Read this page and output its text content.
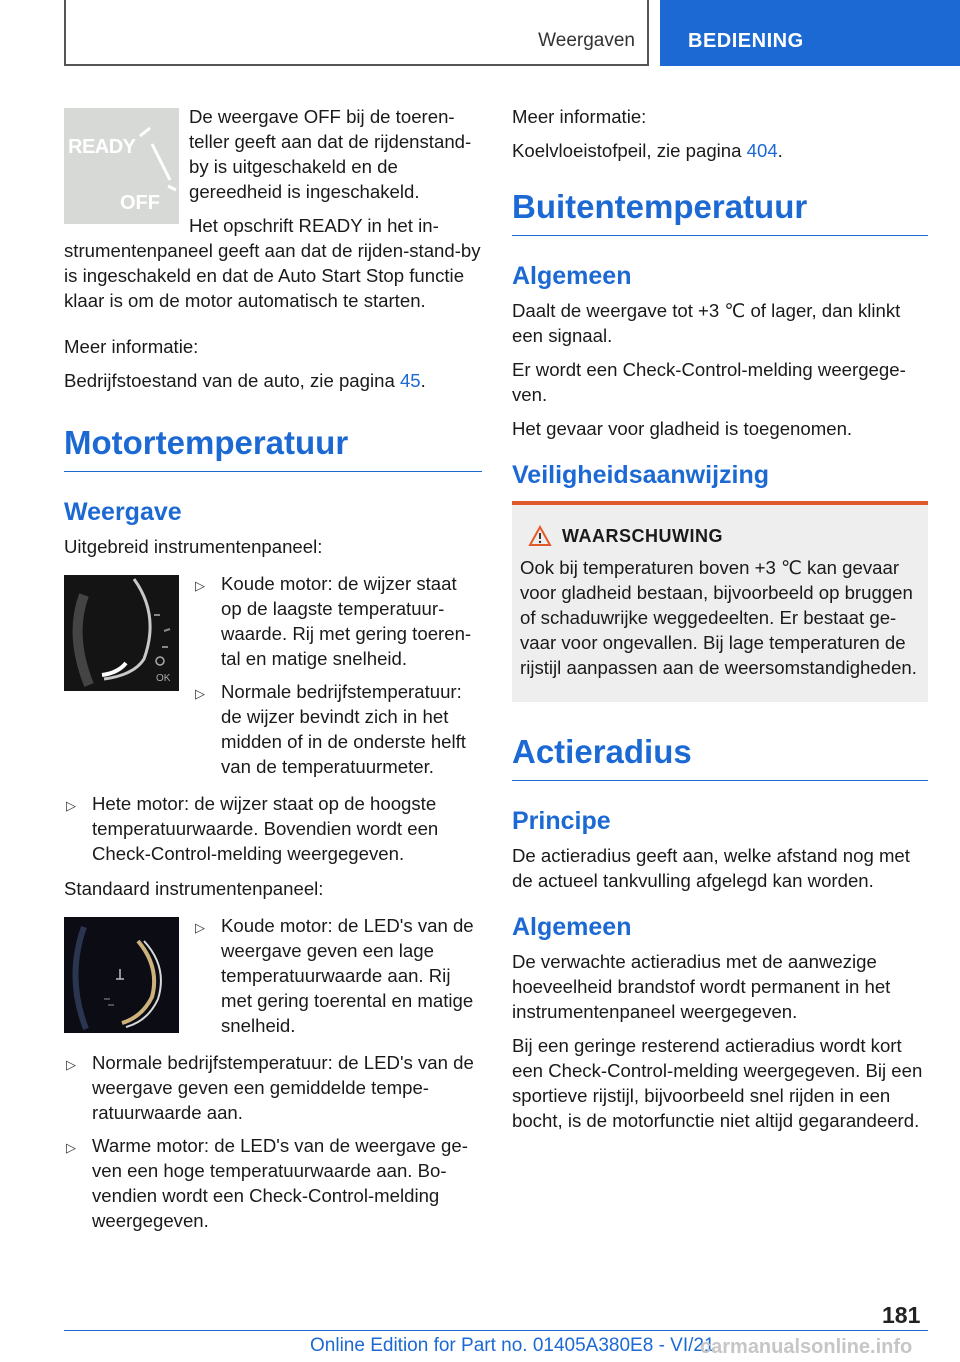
Weergaven	BEDIENING
READY
OFF

De weergave OFF bij de toerenteller geeft aan dat de rijdenstand-by is uitgeschakeld en de gereedheid is ingeschakeld.

Het opschrift READY in het instrumentenpaneel geeft aan dat de rijden-stand-by is ingeschakeld en dat de Auto Start Stop functie klaar is om de motor automatisch te starten.

Meer informatie:

Bedrijfstoestand van de auto, zie pagina 45.

Motortemperatuur
Weergave

Uitgebreid instrumentenpaneel:

OK
▷ Koude motor: de wijzer staat op de laagste temperatuurwaarde. Rij met gering toerental en matige snelheid.
▷ Normale bedrijfstemperatuur: de wijzer bevindt zich in het midden of in de onderste helft van de temperatuurmeter.
▷ Hete motor: de wijzer staat op de hoogste temperatuurwaarde. Bovendien wordt een Check-Control-melding weergegeven.

Standaard instrumentenpaneel:

▷ Koude motor: de LED's van de weergave geven een lage temperatuurwaarde aan. Rij met gering toerental en matige snelheid.
▷ Normale bedrijfstemperatuur: de LED's van de weergave geven een gemiddelde temperatuurwaarde aan.
▷ Warme motor: de LED's van de weergave geven een hoge temperatuurwaarde aan. Bovendien wordt een Check-Control-melding weergegeven.

Meer informatie:

Koelvloeistofpeil, zie pagina 404.

Buitentemperatuur
Algemeen

Daalt de weergave tot +3 ℃ of lager, dan klinkt een signaal.

Er wordt een Check-Control-melding weergegeven.

Het gevaar voor gladheid is toegenomen.

Veiligheidsaanwijzing
WAARSCHUWING

Ook bij temperaturen boven +3 ℃ kan gevaar voor gladheid bestaan, bijvoorbeeld op bruggen of schaduwrijke weggedeelten. Er bestaat gevaar voor ongevallen. Bij lage temperaturen de rijstijl aanpassen aan de weersomstandigheden.

Actieradius
Principe

De actieradius geeft aan, welke afstand nog met de actueel tankvulling afgelegd kan worden.

Algemeen

De verwachte actieradius met de aanwezige hoeveelheid brandstof wordt permanent in het instrumentenpaneel weergegeven.

Bij een geringe resterend actieradius wordt kort een Check-Control-melding weergegeven. Bij een sportieve rijstijl, bijvoorbeeld snel rijden in een bocht, is de motorfunctie niet altijd gegarandeerd.

181
Online Edition for Part no. 01405A380E8 - VI/21
carmanualsonline.info
